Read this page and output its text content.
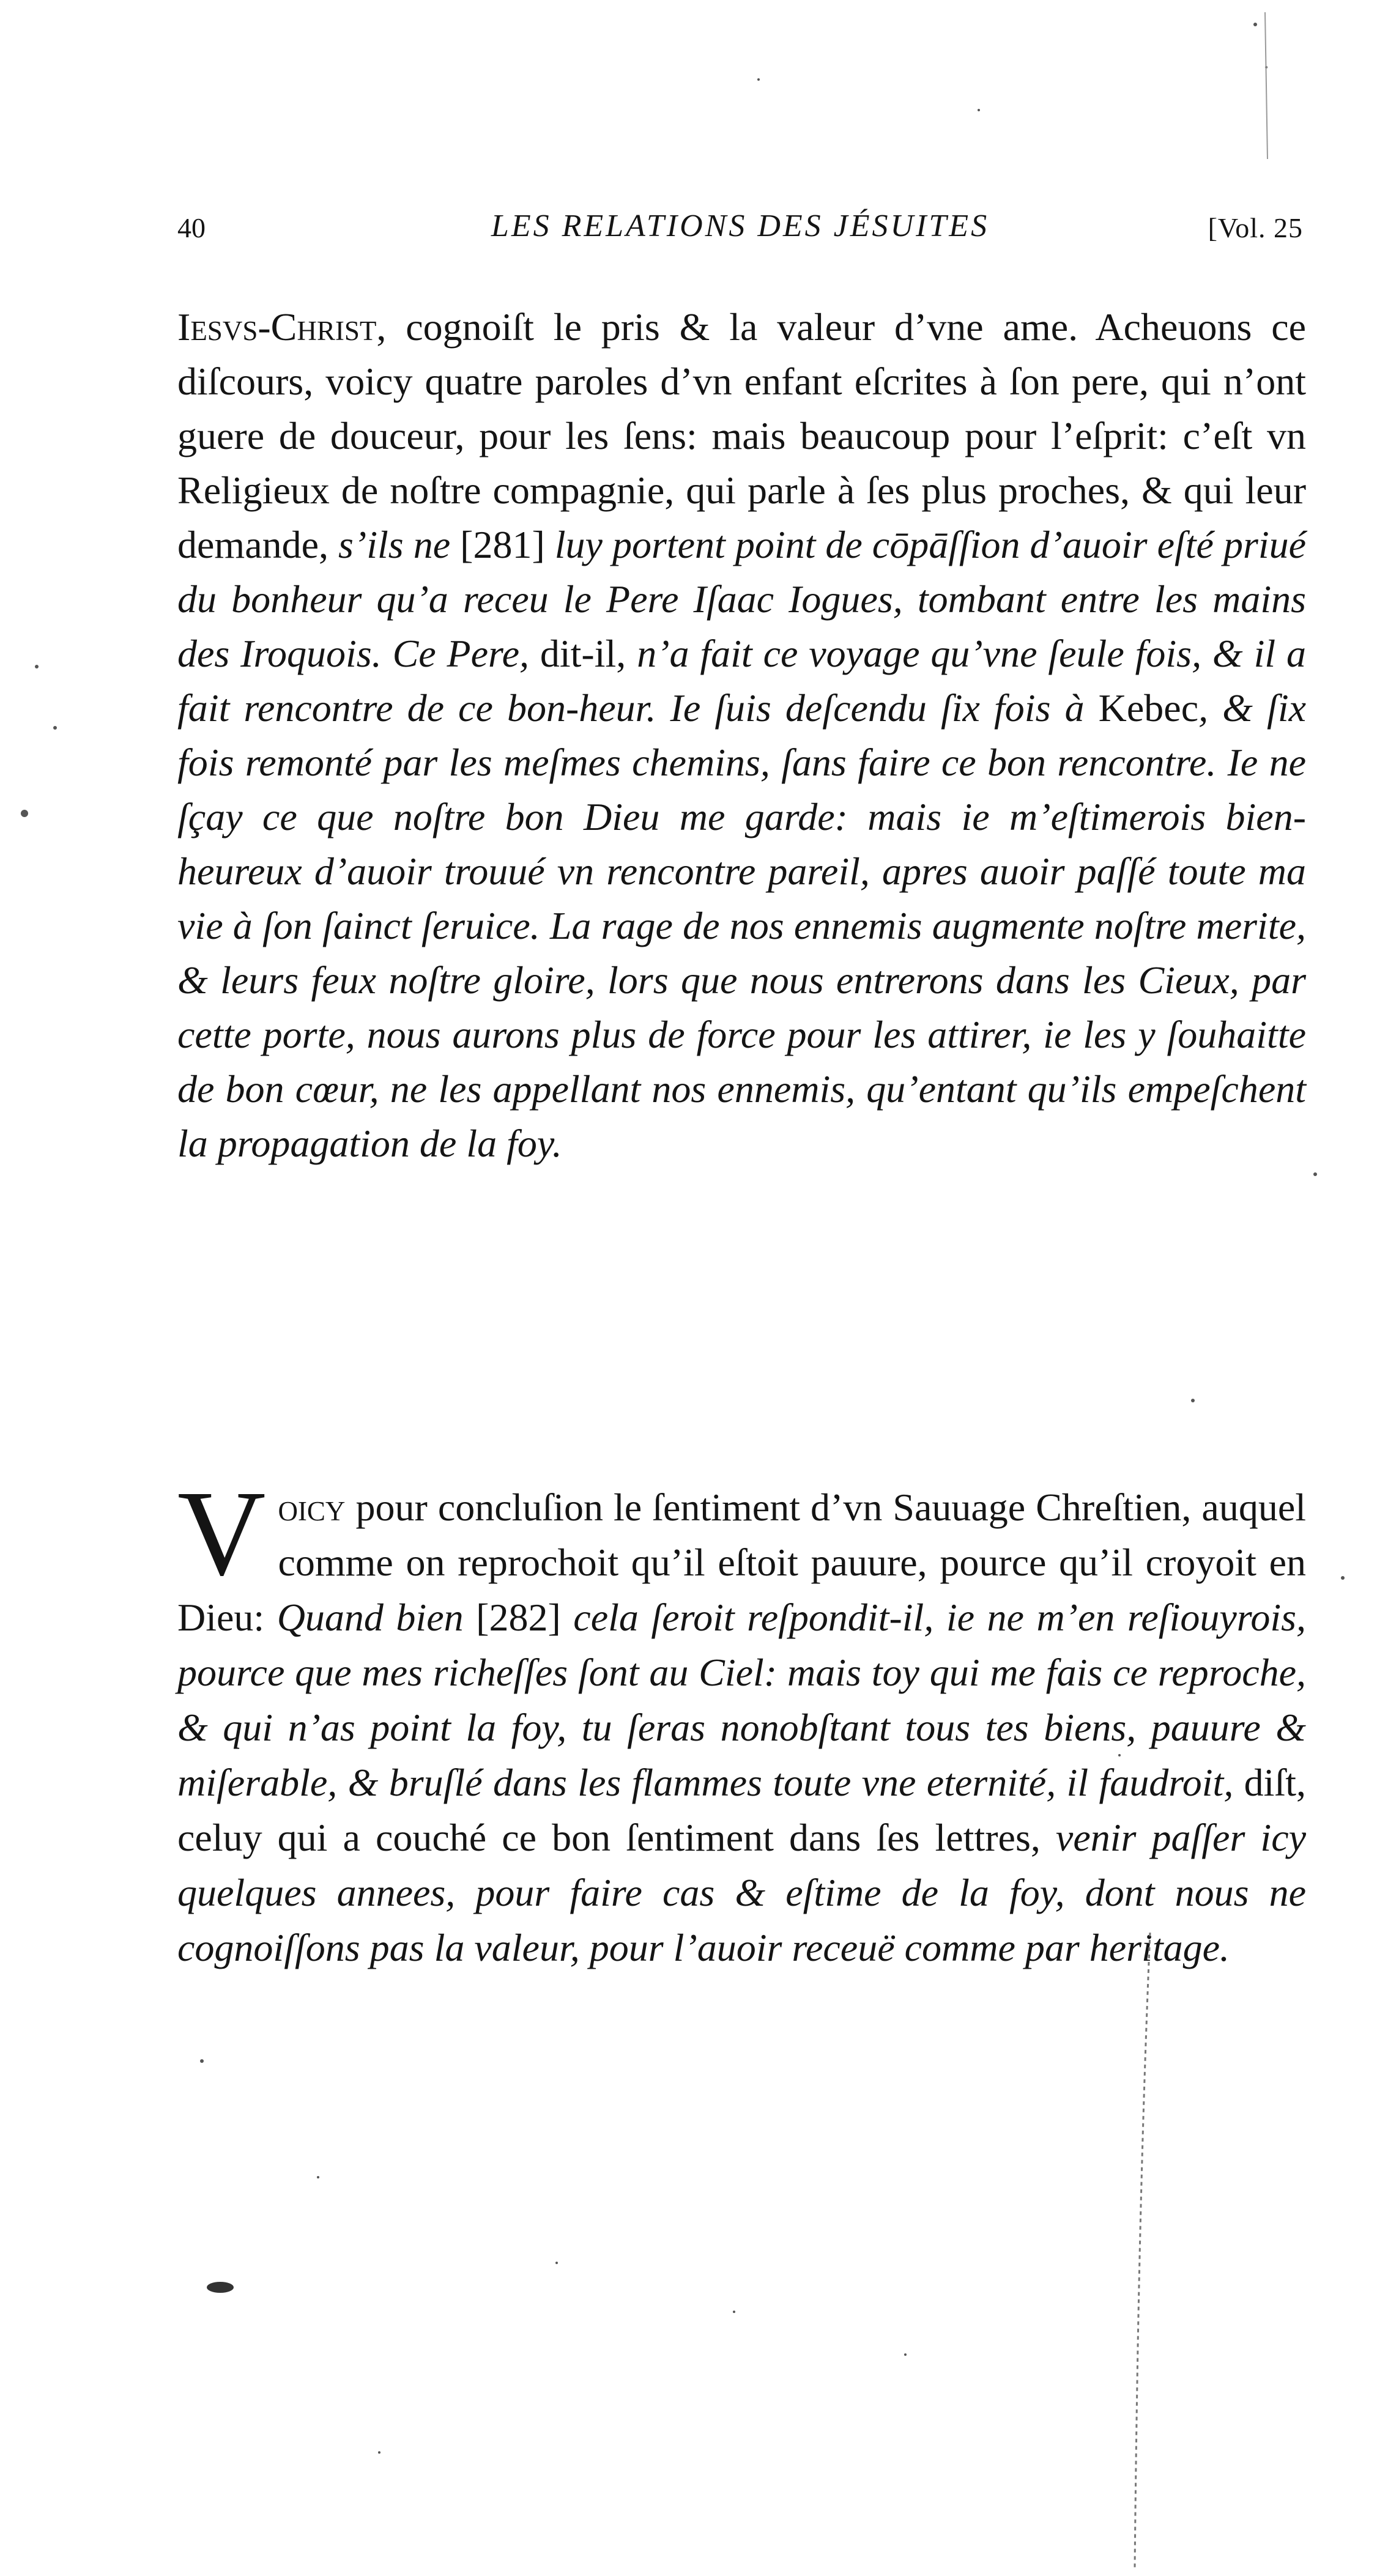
40	LES RELATIONS DES JÉSUITES	[Vol. 25

Iesvs-Christ, cognoiſt le pris & la valeur d’vne ame. Acheuons ce diſcours, voicy quatre paroles d’vn enfant eſcrites à ſon pere, qui n’ont guere de douceur, pour les ſens: mais beaucoup pour l’eſprit: c’eſt vn Religieux de noſtre compagnie, qui parle à ſes plus proches, & qui leur demande, s’ils ne [281] luy portent point de cōpāſſion d’auoir eſté priué du bonheur qu’a receu le Pere Iſaac Iogues, tombant entre les mains des Iroquois. Ce Pere, dit-il, n’a fait ce voyage qu’vne ſeule fois, & il a fait rencontre de ce bon-heur. Ie ſuis deſcendu ſix fois à Kebec, & ſix fois remonté par les meſmes chemins, ſans faire ce bon rencontre. Ie ne ſçay ce que noſtre bon Dieu me garde: mais ie m’eſtimerois bien-heureux d’auoir trouué vn rencontre pareil, apres auoir paſſé toute ma vie à ſon ſainct ſeruice. La rage de nos ennemis augmente noſtre merite, & leurs feux noſtre gloire, lors que nous entrerons dans les Cieux, par cette porte, nous aurons plus de force pour les attirer, ie les y ſouhaitte de bon cœur, ne les appellant nos ennemis, qu’entant qu’ils empeſchent la propagation de la foy.

Voicy pour concluſion le ſentiment d’vn Sauuage Chreſtien, auquel comme on reprochoit qu’il eſtoit pauure, pource qu’il croyoit en Dieu: Quand bien [282] cela ſeroit reſpondit-il, ie ne m’en reſiouyrois, pource que mes richeſſes ſont au Ciel: mais toy qui me fais ce reproche, & qui n’as point la foy, tu ſeras nonobſtant tous tes biens, pauure & miſerable, & bruſlé dans les flammes toute vne eternité, il faudroit, diſt, celuy qui a couché ce bon ſentiment dans ſes lettres, venir paſſer icy quelques annees, pour faire cas & eſtime de la foy, dont nous ne cognoiſſons pas la valeur, pour l’auoir receuë comme par heritage.
